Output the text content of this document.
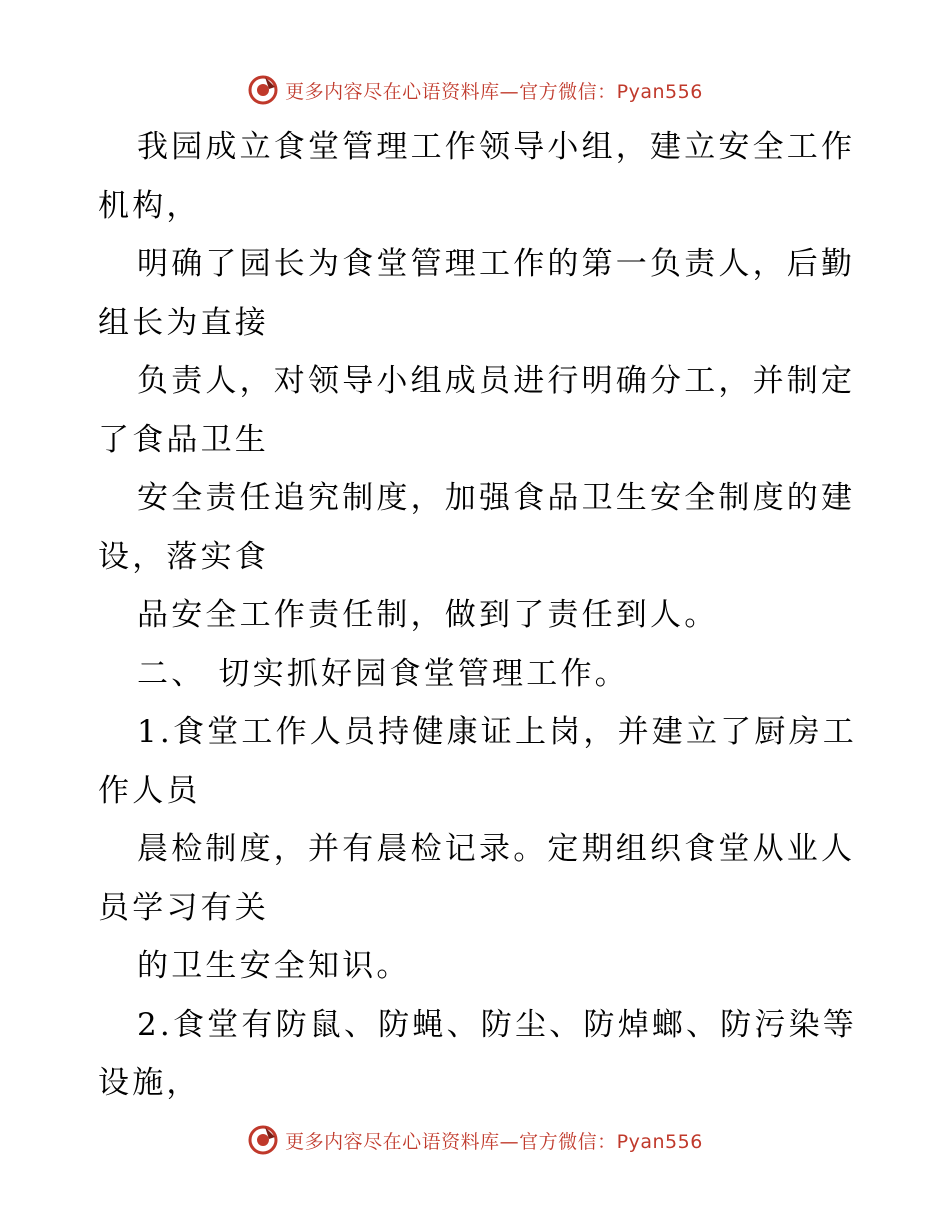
更多内容尽在心语资料库—官方微信：Pyan556
我园成立食堂管理工作领导小组，建立安全工作
机构，
明确了园长为食堂管理工作的第一负责人，后勤
组长为直接
负责人，对领导小组成员进行明确分工，并制定
了食品卫生
安全责任追究制度，加强食品卫生安全制度的建
设，落实食
品安全工作责任制，做到了责任到人。
二、 切实抓好园食堂管理工作。
1.食堂工作人员持健康证上岗，并建立了厨房工
作人员
晨检制度，并有晨检记录。定期组织食堂从业人
员学习有关
的卫生安全知识。
2.食堂有防鼠、防蝇、防尘、防焯螂、防污染等
设施，
更多内容尽在心语资料库—官方微信：Pyan556
